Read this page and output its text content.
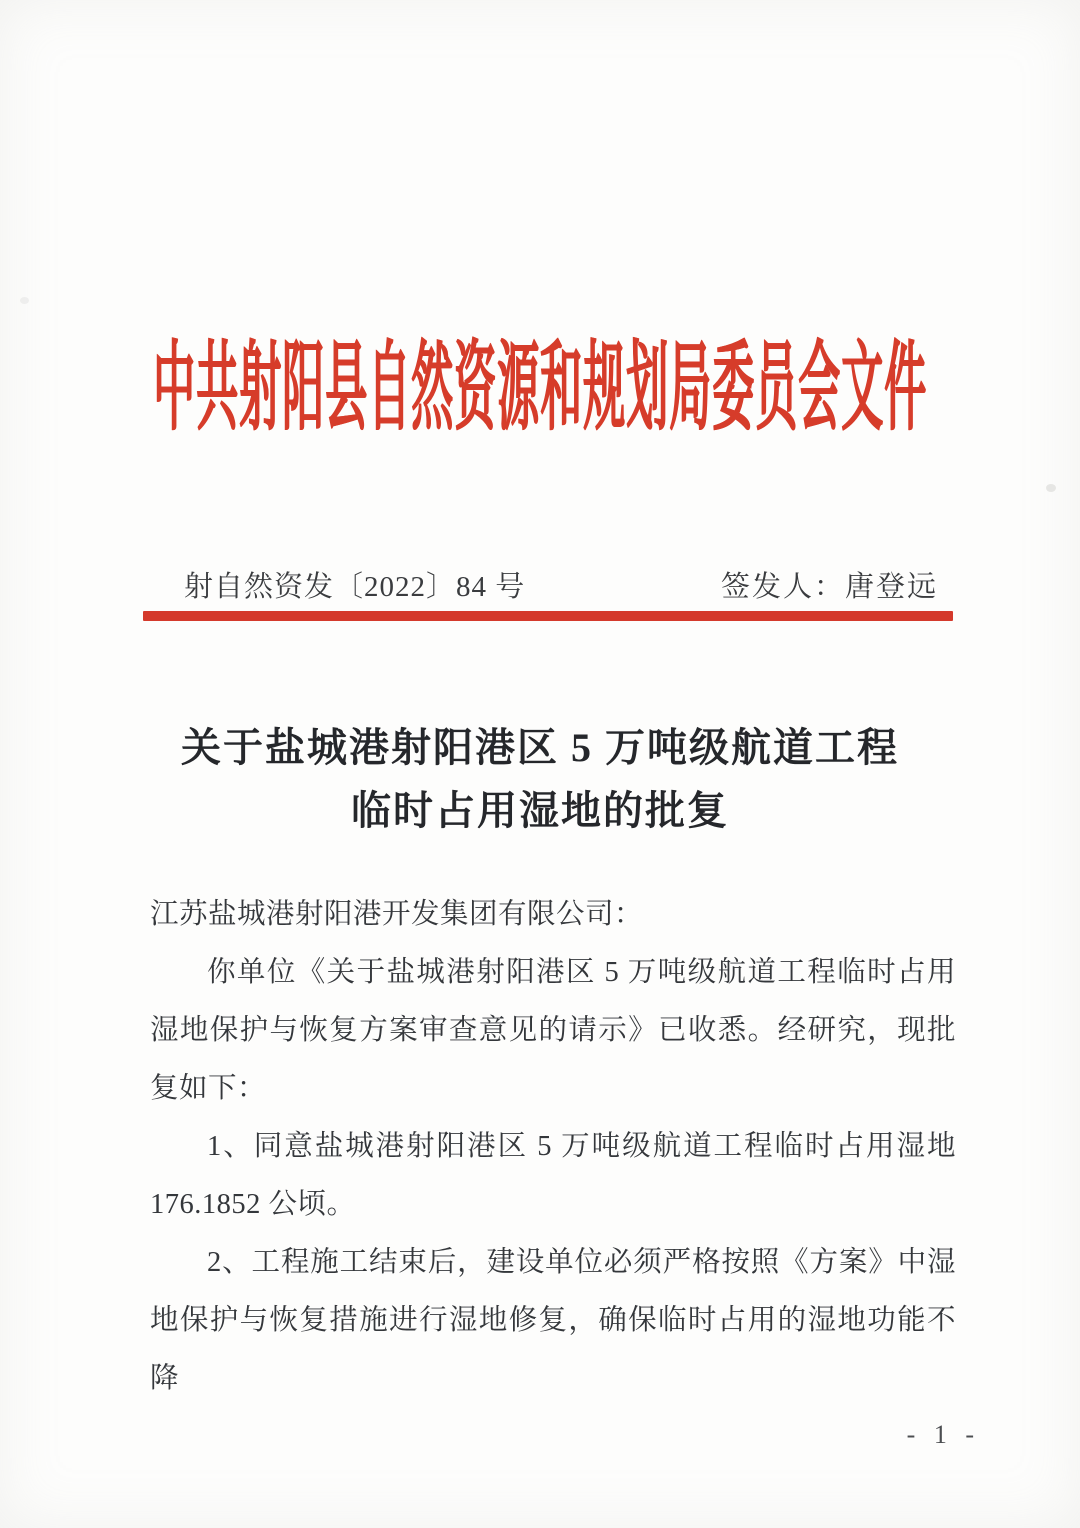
中共射阳县自然资源和规划局委员会文件
射自然资发〔2022〕84 号	签发人：唐登远
关于盐城港射阳港区 5 万吨级航道工程
临时占用湿地的批复

江苏盐城港射阳港开发集团有限公司：

你单位《关于盐城港射阳港区 5 万吨级航道工程临时占用湿地保护与恢复方案审查意见的请示》已收悉。经研究，现批复如下：

1、同意盐城港射阳港区 5 万吨级航道工程临时占用湿地 176.1852 公顷。

2、工程施工结束后，建设单位必须严格按照《方案》中湿地保护与恢复措施进行湿地修复，确保临时占用的湿地功能不降

- 1 -
